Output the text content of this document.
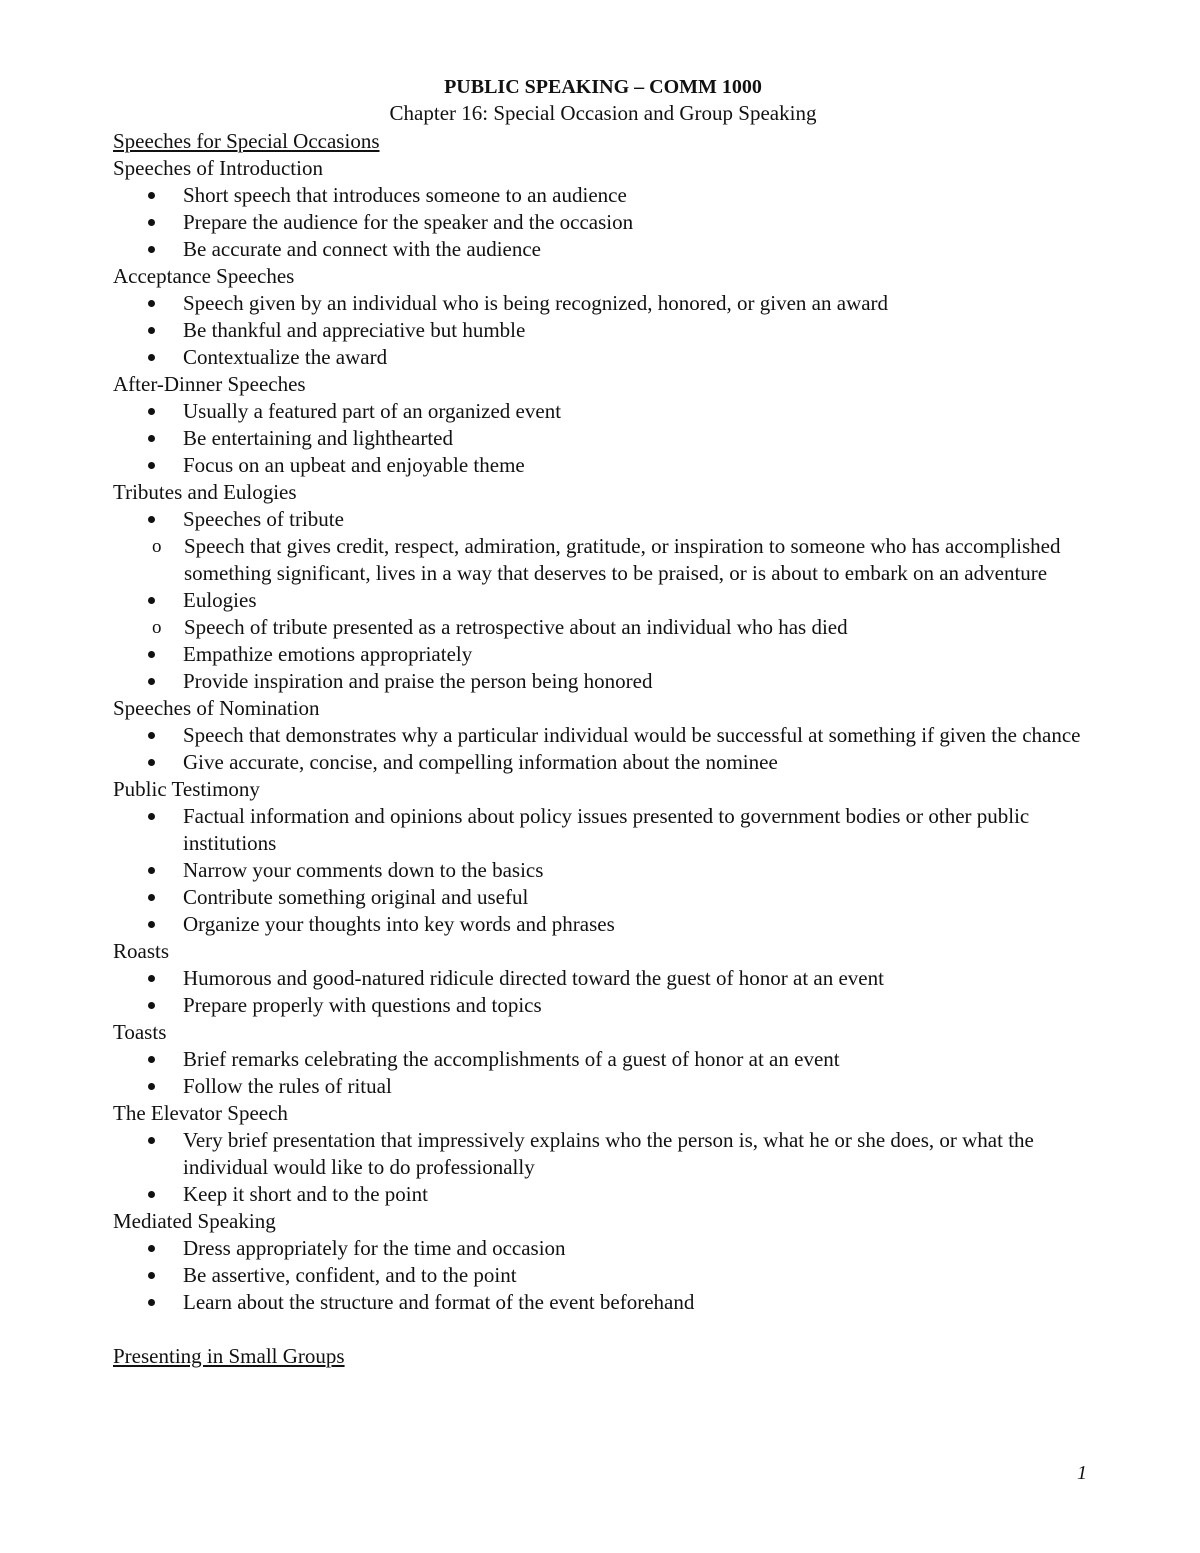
PUBLIC SPEAKING – COMM 1000

Chapter 16: Special Occasion and Group Speaking

Speeches for Special Occasions

Speeches of Introduction

Short speech that introduces someone to an audience
Prepare the audience for the speaker and the occasion
Be accurate and connect with the audience

Acceptance Speeches

Speech given by an individual who is being recognized, honored, or given an award
Be thankful and appreciative but humble
Contextualize the award

After-Dinner Speeches

Usually a featured part of an organized event
Be entertaining and lighthearted
Focus on an upbeat and enjoyable theme

Tributes and Eulogies

Speeches of tribute
o Speech that gives credit, respect, admiration, gratitude, or inspiration to someone who has accomplished something significant, lives in a way that deserves to be praised, or is about to embark on an adventure
Eulogies
o Speech of tribute presented as a retrospective about an individual who has died
Empathize emotions appropriately
Provide inspiration and praise the person being honored

Speeches of Nomination

Speech that demonstrates why a particular individual would be successful at something if given the chance
Give accurate, concise, and compelling information about the nominee

Public Testimony

Factual information and opinions about policy issues presented to government bodies or other public institutions
Narrow your comments down to the basics
Contribute something original and useful
Organize your thoughts into key words and phrases

Roasts

Humorous and good-natured ridicule directed toward the guest of honor at an event
Prepare properly with questions and topics

Toasts

Brief remarks celebrating the accomplishments of a guest of honor at an event
Follow the rules of ritual

The Elevator Speech

Very brief presentation that impressively explains who the person is, what he or she does, or what the individual would like to do professionally
Keep it short and to the point

Mediated Speaking

Dress appropriately for the time and occasion
Be assertive, confident, and to the point
Learn about the structure and format of the event beforehand

Presenting in Small Groups

1
